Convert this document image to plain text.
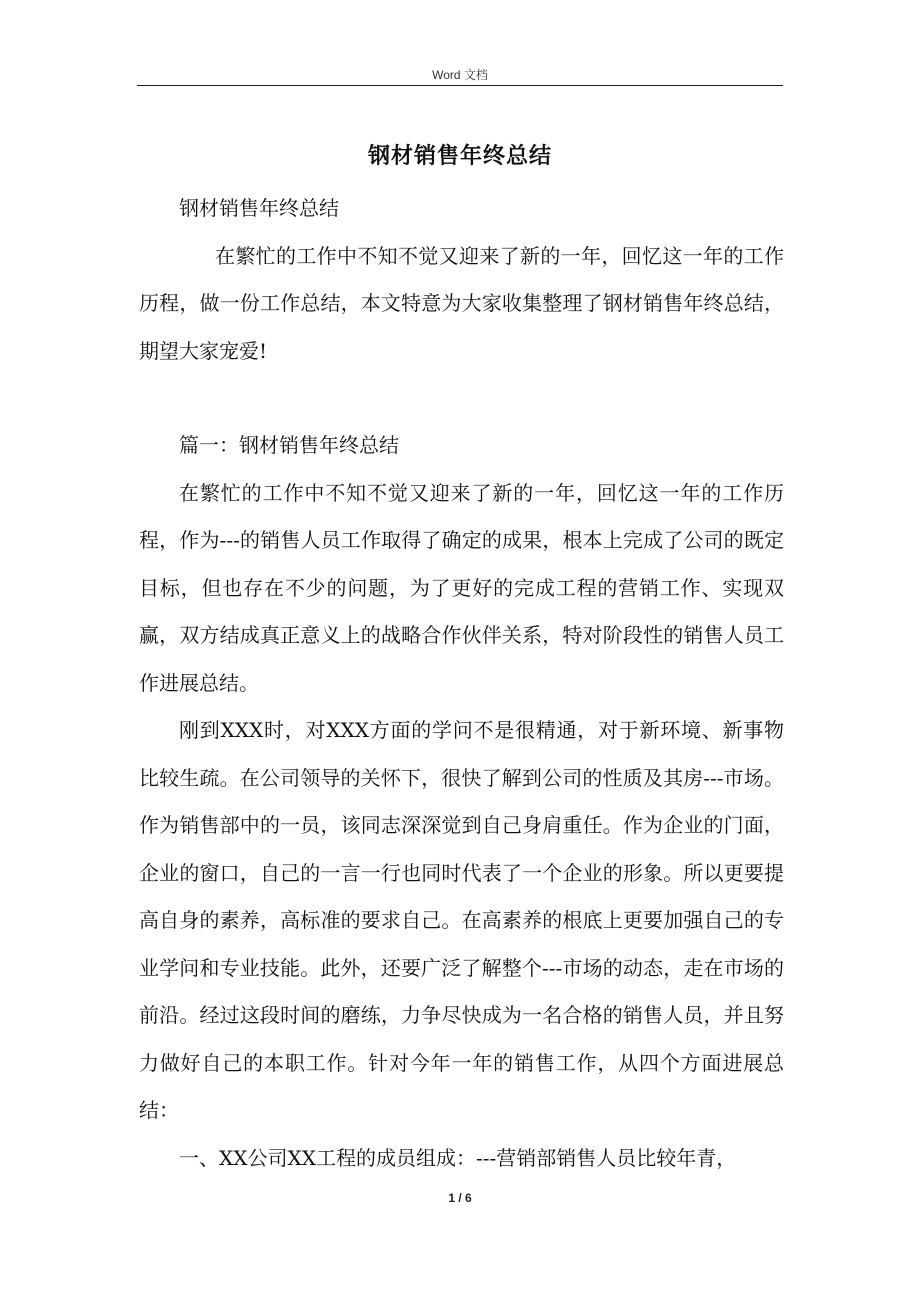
Word 文档
钢材销售年终总结

钢材销售年终总结

在繁忙的工作中不知不觉又迎来了新的一年，回忆这一年的工作历程，做一份工作总结，本文特意为大家收集整理了钢材销售年终总结，期望大家宠爱!

篇一：钢材销售年终总结

在繁忙的工作中不知不觉又迎来了新的一年，回忆这一年的工作历程，作为---的销售人员工作取得了确定的成果，根本上完成了公司的既定目标，但也存在不少的问题，为了更好的完成工程的营销工作、实现双赢，双方结成真正意义上的战略合作伙伴关系，特对阶段性的销售人员工作进展总结。

刚到XXX时，对XXX方面的学问不是很精通，对于新环境、新事物比较生疏。在公司领导的关怀下，很快了解到公司的性质及其房---市场。作为销售部中的一员，该同志深深觉到自己身肩重任。作为企业的门面，企业的窗口，自己的一言一行也同时代表了一个企业的形象。所以更要提高自身的素养，高标准的要求自己。在高素养的根底上更要加强自己的专业学问和专业技能。此外，还要广泛了解整个---市场的动态，走在市场的前沿。经过这段时间的磨练，力争尽快成为一名合格的销售人员，并且努力做好自己的本职工作。针对今年一年的销售工作，从四个方面进展总结：

一、XX公司XX工程的成员组成：---营销部销售人员比较年青，

1 / 6
